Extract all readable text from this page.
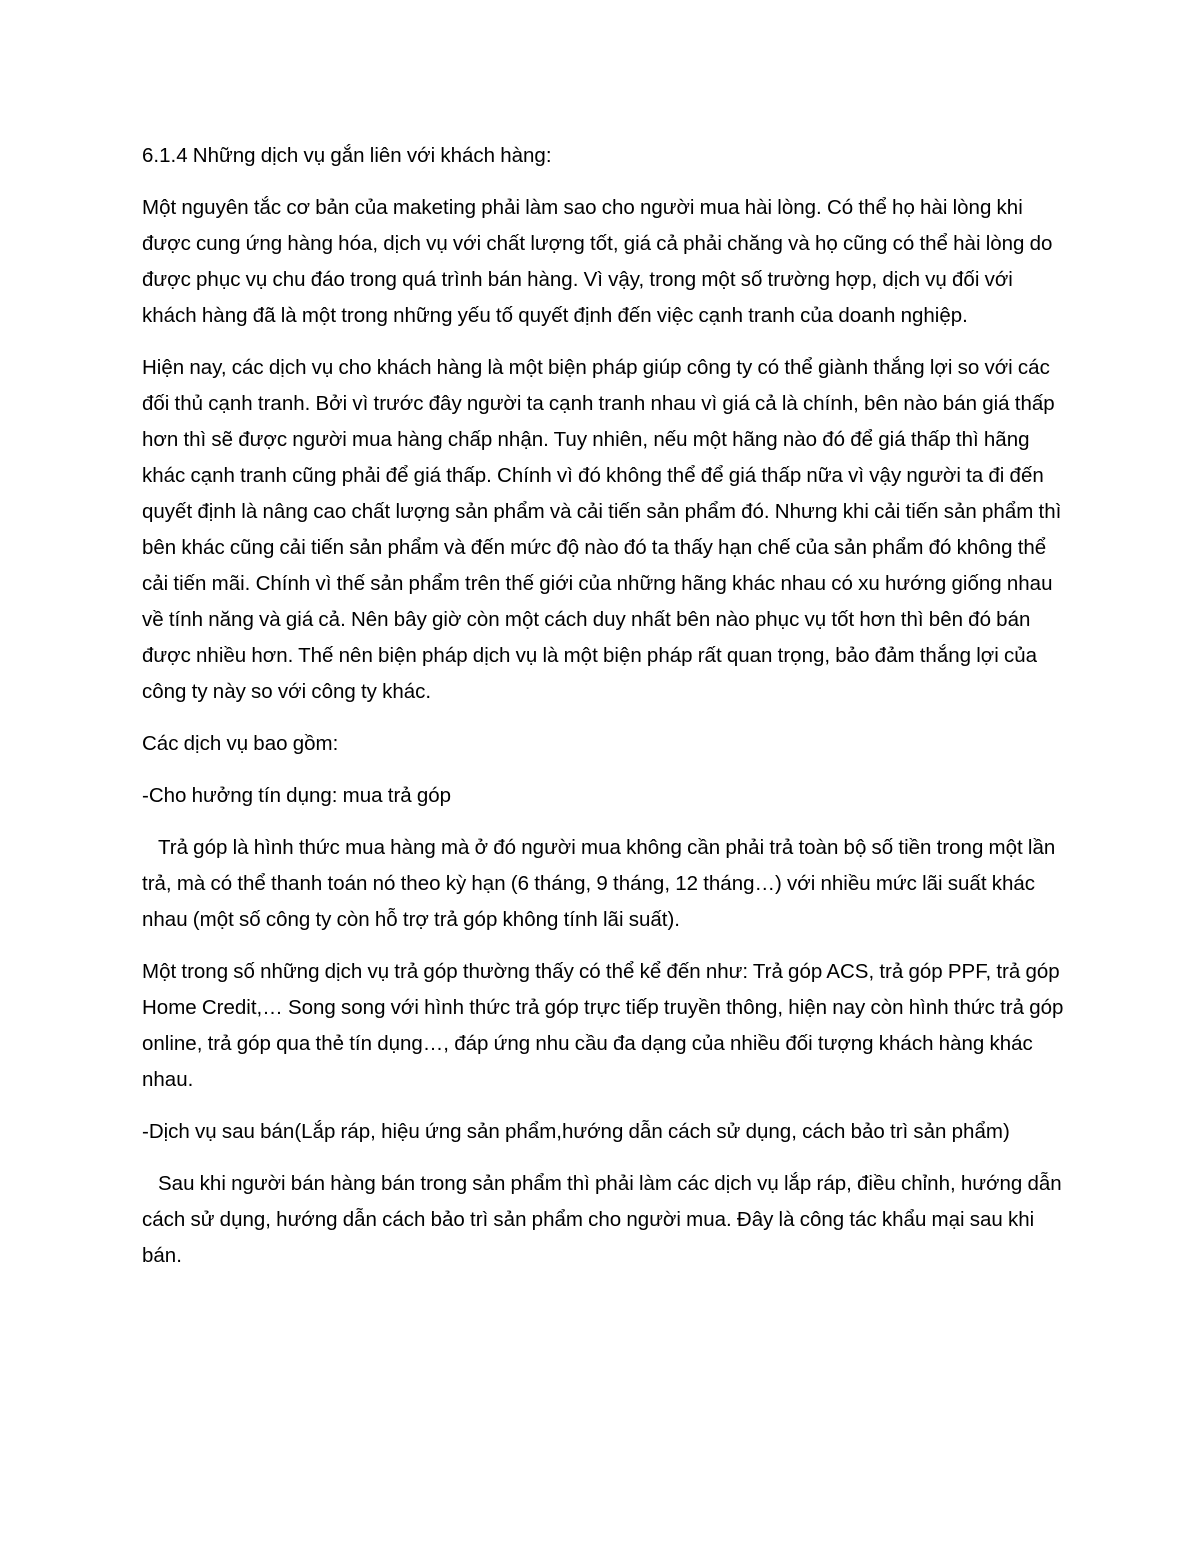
6.1.4 Những dịch vụ gắn liên với khách hàng:

Một nguyên tắc cơ bản của maketing phải làm sao cho người mua hài lòng. Có thể họ hài lòng khi được cung ứng hàng hóa, dịch vụ với chất lượng tốt, giá cả phải chăng và họ cũng có thể hài lòng do được phục vụ chu đáo trong quá trình bán hàng. Vì vậy, trong một số trường hợp, dịch vụ đối với khách hàng đã là một trong những yếu tố quyết định đến việc cạnh tranh của doanh nghiệp.

Hiện nay, các dịch vụ cho khách hàng là một biện pháp giúp công ty có thể giành thắng lợi so với các đối thủ cạnh tranh. Bởi vì trước đây người ta cạnh tranh nhau vì giá cả là chính, bên nào bán giá thấp hơn thì sẽ được người mua hàng chấp nhận. Tuy nhiên, nếu một hãng nào đó để giá thấp thì hãng khác cạnh tranh cũng phải để giá thấp. Chính vì đó không thể để giá thấp nữa vì vậy người ta đi đến quyết định là nâng cao chất lượng sản phẩm và cải tiến sản phẩm đó. Nhưng khi cải tiến sản phẩm thì bên khác cũng cải tiến sản phẩm và đến mức độ nào đó ta thấy hạn chế của sản phẩm đó không thể cải tiến mãi. Chính vì thế sản phẩm trên thế giới của những hãng khác nhau có xu hướng giống nhau về tính năng và giá cả. Nên bây giờ còn một cách duy nhất bên nào phục vụ tốt hơn thì bên đó bán được nhiều hơn. Thế nên biện pháp dịch vụ là một biện pháp rất quan trọng, bảo đảm thắng lợi của công ty này so với công ty khác.

Các dịch vụ bao gồm:

-Cho hưởng tín dụng: mua trả góp

Trả góp là hình thức mua hàng mà ở đó người mua không cần phải trả toàn bộ số tiền trong một lần trả, mà có thể thanh toán nó theo kỳ hạn (6 tháng, 9 tháng, 12 tháng…) với nhiều mức lãi suất khác nhau (một số công ty còn hỗ trợ trả góp không tính lãi suất).

Một trong số những dịch vụ trả góp thường thấy có thể kể đến như: Trả góp ACS, trả góp PPF, trả góp Home Credit,… Song song với hình thức trả góp trực tiếp truyền thông, hiện nay còn hình thức trả góp online, trả góp qua thẻ tín dụng…, đáp ứng nhu cầu đa dạng của nhiều đối tượng khách hàng khác nhau.

-Dịch vụ sau bán(Lắp ráp, hiệu ứng sản phẩm,hướng dẫn cách sử dụng, cách bảo trì sản phẩm)

Sau khi người bán hàng bán trong sản phẩm thì phải làm các dịch vụ lắp ráp, điều chỉnh, hướng dẫn cách sử dụng, hướng dẫn cách bảo trì sản phẩm cho người mua. Đây là công tác khẩu mại sau khi bán.
